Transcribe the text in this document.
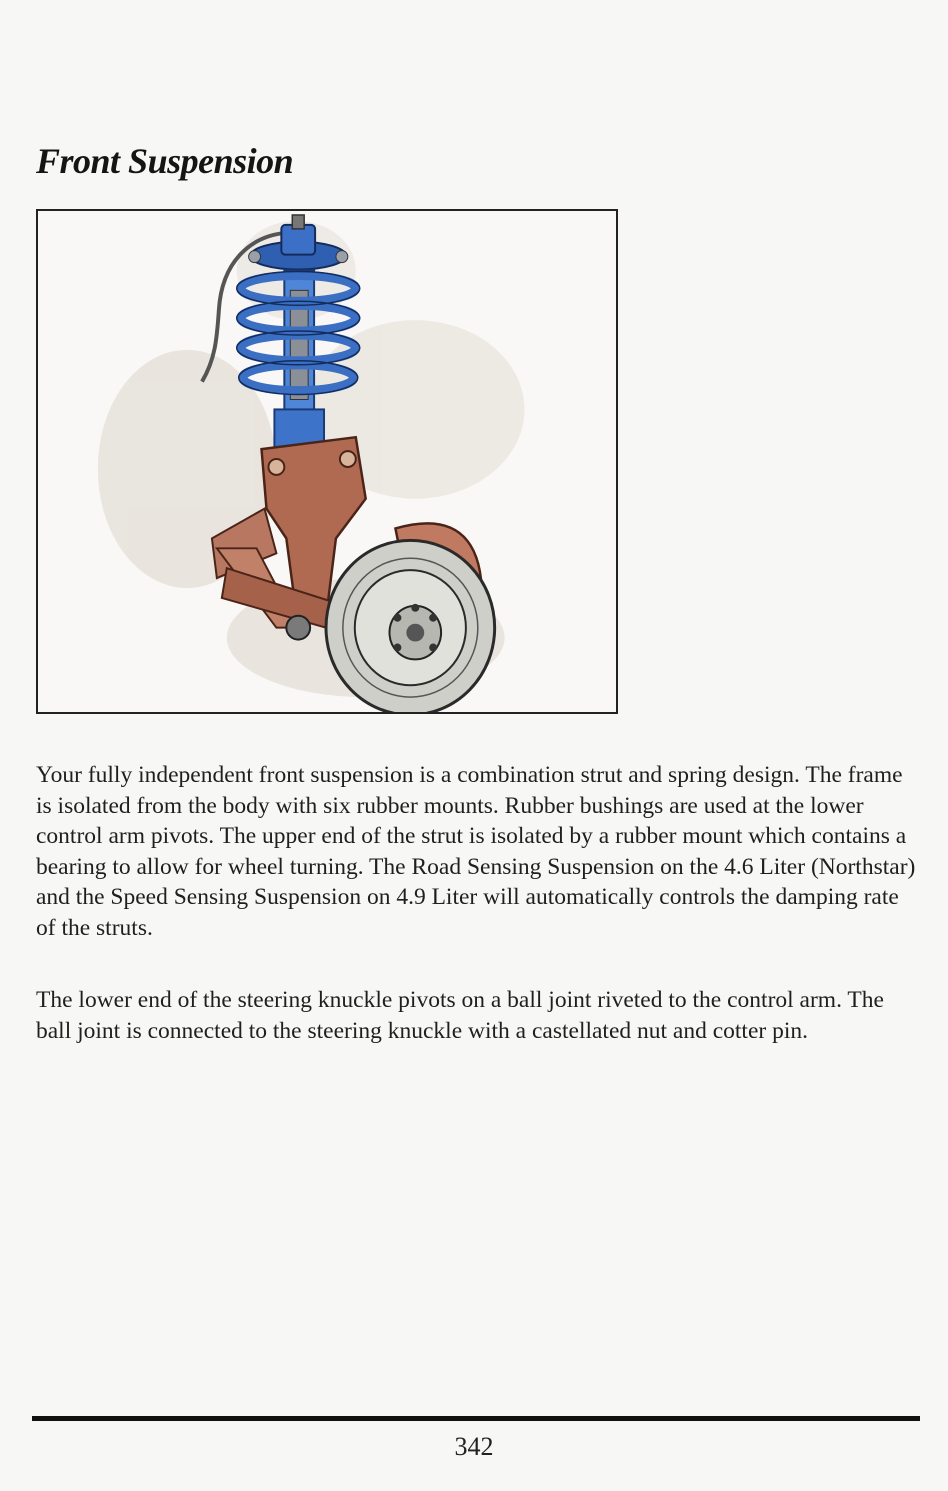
Front Suspension

Your fully independent front suspension is a combination strut and spring design. The frame is isolated from the body with six rubber mounts. Rubber bushings are used at the lower control arm pivots. The upper end of the strut is isolated by a rubber mount which contains a bearing to allow for wheel turning. The Road Sensing Suspension on the 4.6 Liter (Northstar) and the Speed Sensing Suspension on 4.9 Liter will automatically controls the damping rate of the struts.

The lower end of the steering knuckle pivots on a ball joint riveted to the control arm. The ball joint is connected to the steering knuckle with a castellated nut and cotter pin.

342
